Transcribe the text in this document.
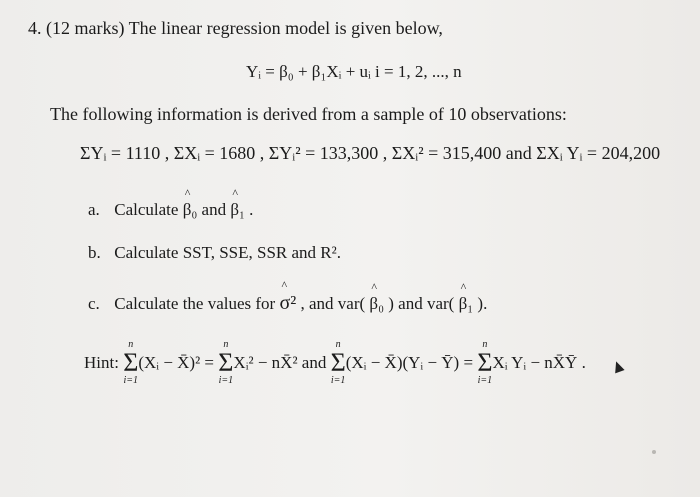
4. (12 marks) The linear regression model is given below,
Yᵢ = β₀ + β₁Xᵢ + uᵢ i = 1, 2, ..., n
The following information is derived from a sample of 10 observations:
ΣYᵢ = 1110 , ΣXᵢ = 1680 , ΣYᵢ² = 133,300 , ΣXᵢ² = 315,400 and ΣXᵢ Yᵢ = 204,200
a. Calculate ^ β₀ and ^ β₁ .
b. Calculate SST, SSE, SSR and R².
c. Calculate the values for ^ σ² , and var( ^ β₀ ) and var( ^ β₁ ).
Hint:
n
Σ
i=1
(Xᵢ − X̄)² =
n
Σ
i=1
Xᵢ² − nX̄² and
n
Σ
i=1
(Xᵢ − X̄)(Yᵢ − Ȳ) =
n
Σ
i=1
Xᵢ Yᵢ − nX̄Ȳ .
